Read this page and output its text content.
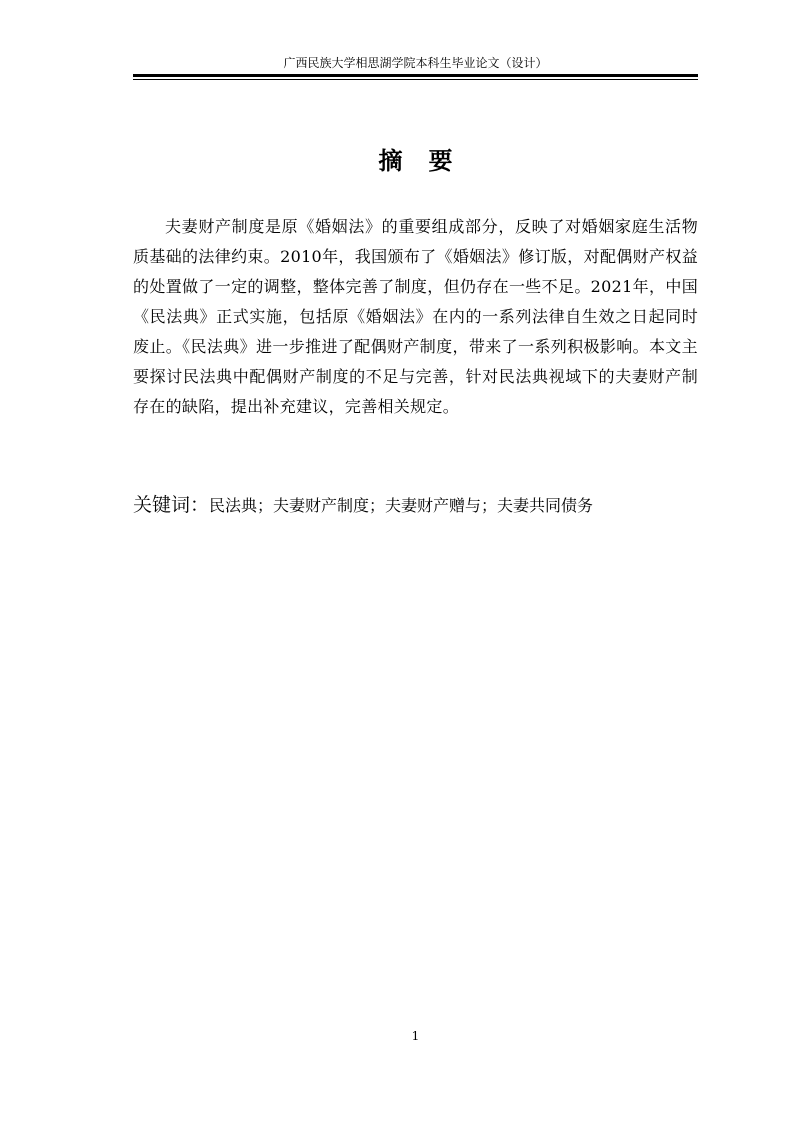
广西民族大学相思湖学院本科生毕业论文（设计）
摘要
夫妻财产制度是原《婚姻法》的重要组成部分，反映了对婚姻家庭生活物质基础的法律约束。2010年，我国颁布了《婚姻法》修订版，对配偶财产权益的处置做了一定的调整，整体完善了制度，但仍存在一些不足。2021年，中国《民法典》正式实施，包括原《婚姻法》在内的一系列法律自生效之日起同时废止。《民法典》进一步推进了配偶财产制度，带来了一系列积极影响。本文主要探讨民法典中配偶财产制度的不足与完善，针对民法典视域下的夫妻财产制存在的缺陷，提出补充建议，完善相关规定。
关键词：民法典；夫妻财产制度；夫妻财产赠与；夫妻共同债务
1
